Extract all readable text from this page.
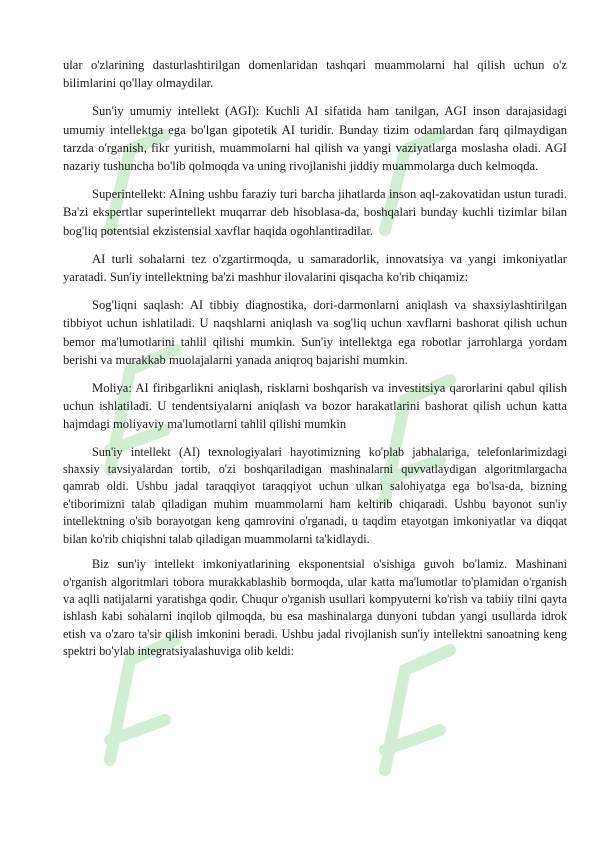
ular o'zlarining dasturlashtirilgan domenlaridan tashqari muammolarni hal qilish uchun o'z bilimlarini qo'llay olmaydilar.

Sun'iy umumiy intellekt (AGI): Kuchli AI sifatida ham tanilgan, AGI inson darajasidagi umumiy intellektga ega bo'lgan gipotetik AI turidir. Bunday tizim odamlardan farq qilmaydigan tarzda o'rganish, fikr yuritish, muammolarni hal qilish va yangi vaziyatlarga moslasha oladi. AGI nazariy tushuncha bo'lib qolmoqda va uning rivojlanishi jiddiy muammolarga duch kelmoqda.

Superintellekt: AIning ushbu faraziy turi barcha jihatlarda inson aql-zakovatidan ustun turadi. Ba'zi ekspertlar superintellekt muqarrar deb hisoblasa-da, boshqalari bunday kuchli tizimlar bilan bog'liq potentsial ekzistensial xavflar haqida ogohlantiradilar.

AI turli sohalarni tez o'zgartirmoqda, u samaradorlik, innovatsiya va yangi imkoniyatlar yaratadi. Sun'iy intellektning ba'zi mashhur ilovalarini qisqacha ko'rib chiqamiz:

Sog'liqni saqlash: AI tibbiy diagnostika, dori-darmonlarni aniqlash va shaxsiylashtirilgan tibbiyot uchun ishlatiladi. U naqshlarni aniqlash va sog'liq uchun xavflarni bashorat qilish uchun bemor ma'lumotlarini tahlil qilishi mumkin. Sun'iy intellektga ega robotlar jarrohlarga yordam berishi va murakkab muolajalarni yanada aniqroq bajarishi mumkin.

Moliya: AI firibgarlikni aniqlash, risklarni boshqarish va investitsiya qarorlarini qabul qilish uchun ishlatiladi. U tendentsiyalarni aniqlash va bozor harakatlarini bashorat qilish uchun katta hajmdagi moliyaviy ma'lumotlarni tahlil qilishi mumkin

Sun'iy intellekt (AI) texnologiyalari hayotimizning ko'plab jabhalariga, telefonlarimizdagi shaxsiy tavsiyalardan tortib, o'zi boshqariladigan mashinalarni quvvatlaydigan algoritmlargacha qamrab oldi. Ushbu jadal taraqqiyot taraqqiyot uchun ulkan salohiyatga ega bo'lsa-da, bizning e'tiborimizni talab qiladigan muhim muammolarni ham keltirib chiqaradi. Ushbu bayonot sun'iy intellektning o'sib borayotgan keng qamrovini o'rganadi, u taqdim etayotgan imkoniyatlar va diqqat bilan ko'rib chiqishni talab qiladigan muammolarni ta'kidlaydi.

Biz sun'iy intellekt imkoniyatlarining eksponentsial o'sishiga guvoh bo'lamiz. Mashinani o'rganish algoritmlari tobora murakkablashib bormoqda, ular katta ma'lumotlar to'plamidan o'rganish va aqlli natijalarni yaratishga qodir. Chuqur o'rganish usullari kompyuterni ko'rish va tabiiy tilni qayta ishlash kabi sohalarni inqilob qilmoqda, bu esa mashinalarga dunyoni tubdan yangi usullarda idrok etish va o'zaro ta'sir qilish imkonini beradi. Ushbu jadal rivojlanish sun'iy intellektni sanoatning keng spektri bo'ylab integratsiyalashuviga olib keldi:
